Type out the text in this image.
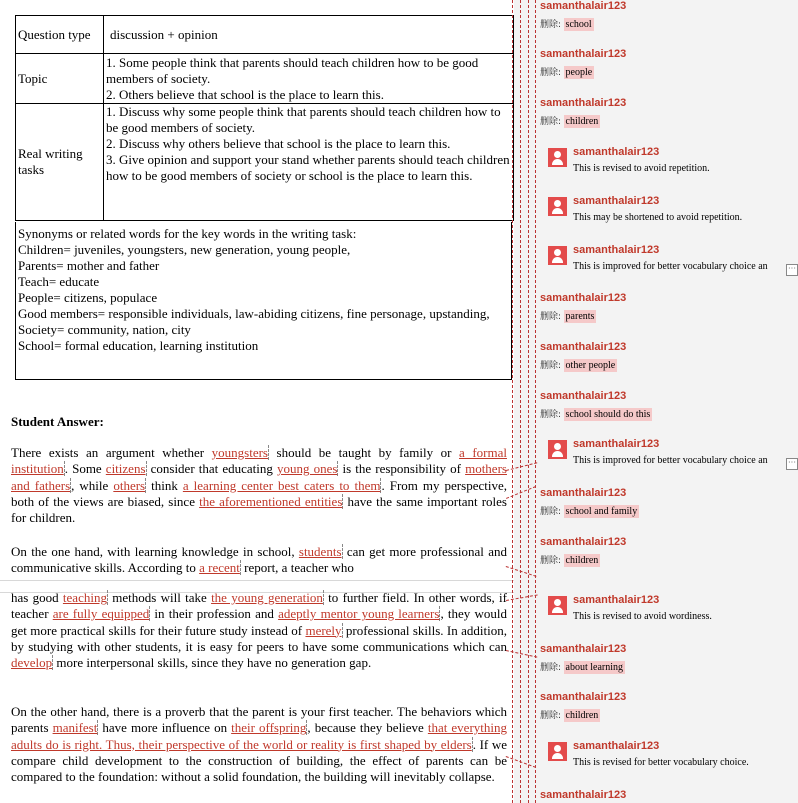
Question type	discussion + opinion

Topic	1. Some people think that parents should teach children how to be good members of society.

2. Others believe that school is the place to learn this.

Real writing tasks	1. Discuss why some people think that parents should teach children how to be good members of society.

2. Discuss why others believe that school is the place to learn this.

3. Give opinion and support your stand whether parents should teach children how to be good members of society or school is the place to learn this.

Synonyms or related words for the key words in the writing task:

Children= juveniles, youngsters, new generation, young people,

Parents= mother and father

Teach= educate

People= citizens, populace

Good members= responsible individuals, law-abiding citizens, fine personage, upstanding,

Society= community, nation, city

School= formal education, learning institution

Student Answer:

There exists an argument whether youngsters should be taught by family or a formal institution. Some citizens consider that educating young ones is the responsibility of mothers and fathers, while others think a learning center best caters to them. From my perspective, both of the views are biased, since the aforementioned entities have the same important roles for children.

On the one hand, with learning knowledge in school, students can get more professional and communicative skills. According to a recent report, a teacher who

has good teaching methods will take the young generation to further field. In other words, if teacher are fully equipped in their profession and adeptly mentor young learners, they would get more practical skills for their future study instead of merely professional skills. In addition, by studying with other students, it is easy for peers to have some communications which can develop more interpersonal skills, since they have no generation gap.

On the other hand, there is a proverb that the parent is your first teacher. The behaviors which parents manifest have more influence on their offspring, because they believe that everything adults do is right. Thus, their perspective of the world or reality is first shaped by elders. If we compare child development to the construction of building, the effect of parents can be compared to the foundation: without a solid foundation, the building will inevitably collapse.

samanthalair123
删除: school
samanthalair123
删除: people
samanthalair123
删除: children
samanthalair123
This is revised to avoid repetition.
samanthalair123
This may be shortened to avoid repetition.
···
samanthalair123
This is improved for better vocabulary choice an
samanthalair123
删除: parents
samanthalair123
删除: other people
samanthalair123
删除: school should do this
···
samanthalair123
This is improved for better vocabulary choice an
samanthalair123
删除: school and family
samanthalair123
删除: children
samanthalair123
This is revised to avoid wordiness.
samanthalair123
删除: about learning
samanthalair123
删除: children
samanthalair123
This is revised for better vocabulary choice.
samanthalair123
